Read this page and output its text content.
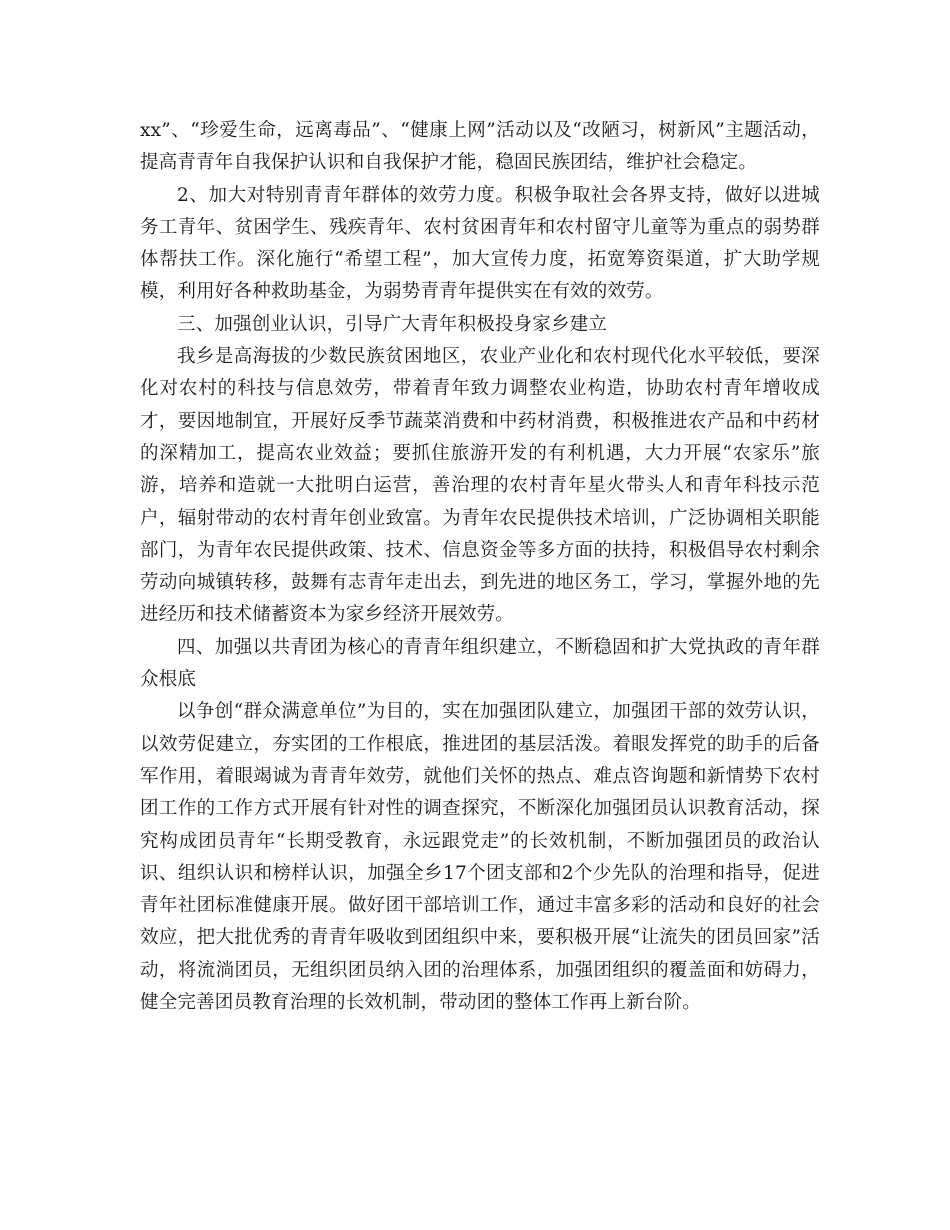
xx”、“珍爱生命，远离毒品”、“健康上网”活动以及“改陋习，树新风”主题活动，提高青青年自我保护认识和自我保护才能，稳固民族团结，维护社会稳定。

2、加大对特别青青年群体的效劳力度。积极争取社会各界支持，做好以进城务工青年、贫困学生、残疾青年、农村贫困青年和农村留守儿童等为重点的弱势群体帮扶工作。深化施行“希望工程”，加大宣传力度，拓宽筹资渠道，扩大助学规模，利用好各种救助基金，为弱势青青年提供实在有效的效劳。

三、加强创业认识，引导广大青年积极投身家乡建立

我乡是高海拔的少数民族贫困地区，农业产业化和农村现代化水平较低，要深化对农村的科技与信息效劳，带着青年致力调整农业构造，协助农村青年增收成才，要因地制宜，开展好反季节蔬菜消费和中药材消费，积极推进农产品和中药材的深精加工，提高农业效益；要抓住旅游开发的有利机遇，大力开展“农家乐”旅游，培养和造就一大批明白运营，善治理的农村青年星火带头人和青年科技示范户，辐射带动的农村青年创业致富。为青年农民提供技术培训，广泛协调相关职能部门，为青年农民提供政策、技术、信息资金等多方面的扶持，积极倡导农村剩余劳动向城镇转移，鼓舞有志青年走出去，到先进的地区务工，学习，掌握外地的先进经历和技术储蓄资本为家乡经济开展效劳。

四、加强以共青团为核心的青青年组织建立，不断稳固和扩大党执政的青年群众根底

以争创“群众满意单位”为目的，实在加强团队建立，加强团干部的效劳认识，以效劳促建立，夯实团的工作根底，推进团的基层活泼。着眼发挥党的助手的后备军作用，着眼竭诚为青青年效劳，就他们关怀的热点、难点咨询题和新情势下农村团工作的工作方式开展有针对性的调查探究，不断深化加强团员认识教育活动，探究构成团员青年“长期受教育，永远跟党走”的长效机制，不断加强团员的政治认识、组织认识和榜样认识，加强全乡17个团支部和2个少先队的治理和指导，促进青年社团标准健康开展。做好团干部培训工作，通过丰富多彩的活动和良好的社会效应，把大批优秀的青青年吸收到团组织中来，要积极开展“让流失的团员回家”活动，将流淌团员，无组织团员纳入团的治理体系，加强团组织的覆盖面和妨碍力，健全完善团员教育治理的长效机制，带动团的整体工作再上新台阶。
